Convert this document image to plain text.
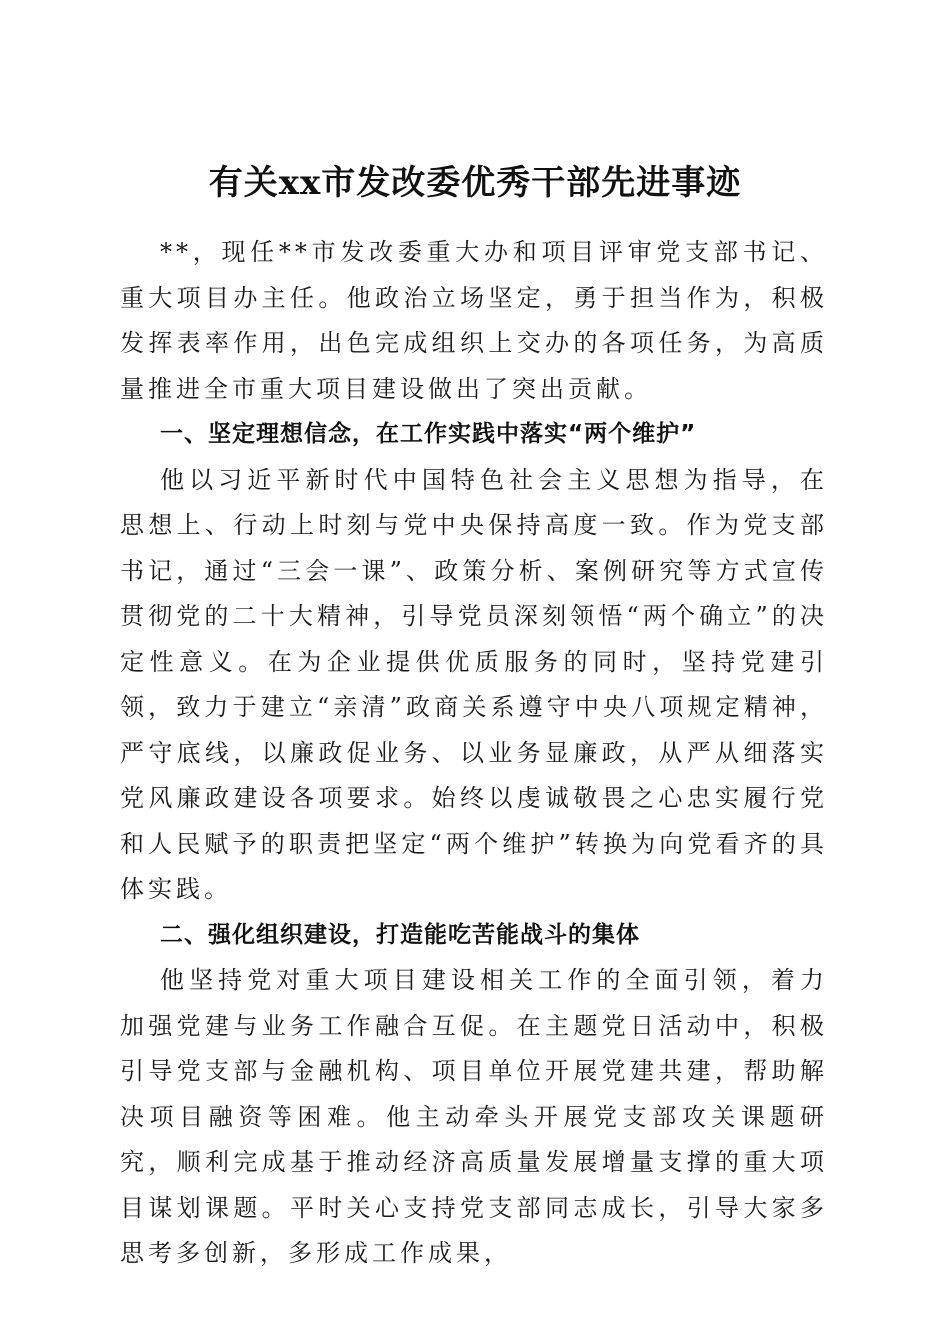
有关xx市发改委优秀干部先进事迹

**，现任**市发改委重大办和项目评审党支部书记、重大项目办主任。他政治立场坚定，勇于担当作为，积极发挥表率作用，出色完成组织上交办的各项任务，为高质量推进全市重大项目建设做出了突出贡献。

一、坚定理想信念，在工作实践中落实“两个维护”

他以习近平新时代中国特色社会主义思想为指导，在思想上、行动上时刻与党中央保持高度一致。作为党支部书记，通过“三会一课”、政策分析、案例研究等方式宣传贯彻党的二十大精神，引导党员深刻领悟“两个确立”的决定性意义。在为企业提供优质服务的同时，坚持党建引领，致力于建立“亲清”政商关系遵守中央八项规定精神，严守底线，以廉政促业务、以业务显廉政，从严从细落实党风廉政建设各项要求。始终以虔诚敬畏之心忠实履行党和人民赋予的职责把坚定“两个维护”转换为向党看齐的具体实践。

二、强化组织建设，打造能吃苦能战斗的集体

他坚持党对重大项目建设相关工作的全面引领，着力加强党建与业务工作融合互促。在主题党日活动中，积极引导党支部与金融机构、项目单位开展党建共建，帮助解决项目融资等困难。他主动牵头开展党支部攻关课题研究，顺利完成基于推动经济高质量发展增量支撑的重大项目谋划课题。平时关心支持党支部同志成长，引导大家多思考多创新，多形成工作成果，
